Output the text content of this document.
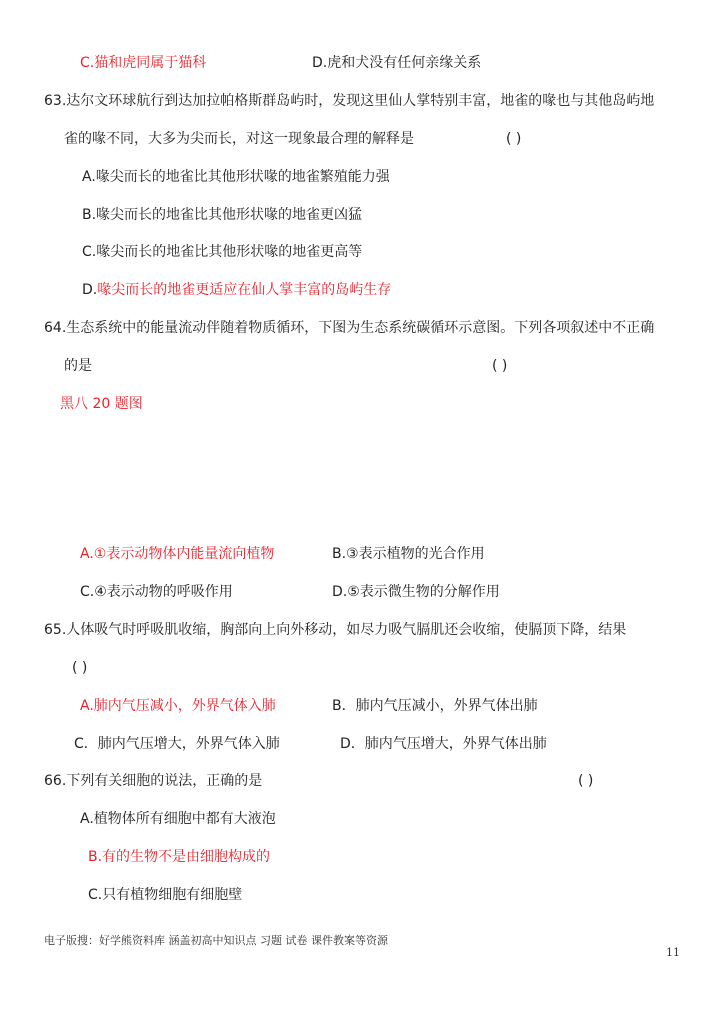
C.猫和虎同属于猫科	D.虎和犬没有任何亲缘关系
63.达尔文环球航行到达加拉帕格斯群岛屿时，发现这里仙人掌特别丰富，地雀的喙也与其他岛屿地
雀的喙不同，大多为尖而长，对这一现象最合理的解释是	( )
A.喙尖而长的地雀比其他形状喙的地雀繁殖能力强
B.喙尖而长的地雀比其他形状喙的地雀更凶猛
C.喙尖而长的地雀比其他形状喙的地雀更高等
D.喙尖而长的地雀更适应在仙人掌丰富的岛屿生存
64.生态系统中的能量流动伴随着物质循环，下图为生态系统碳循环示意图。下列各项叙述中不正确
的是	( )
黑八 20 题图
A.①表示动物体内能量流向植物	B.③表示植物的光合作用
C.④表示动物的呼吸作用	D.⑤表示微生物的分解作用
65.人体吸气时呼吸肌收缩，胸部向上向外移动，如尽力吸气膈肌还会收缩，使膈顶下降，结果
( )
A.肺内气压减小，外界气体入肺	B．肺内气压减小，外界气体出肺
C．肺内气压增大，外界气体入肺	D．肺内气压增大，外界气体出肺
66.下列有关细胞的说法，正确的是	( )
A.植物体所有细胞中都有大液泡
B.有的生物不是由细胞构成的
C.只有植物细胞有细胞壁
电子版搜：好学熊资料库 涵盖初高中知识点 习题 试卷 课件教案等资源
11
